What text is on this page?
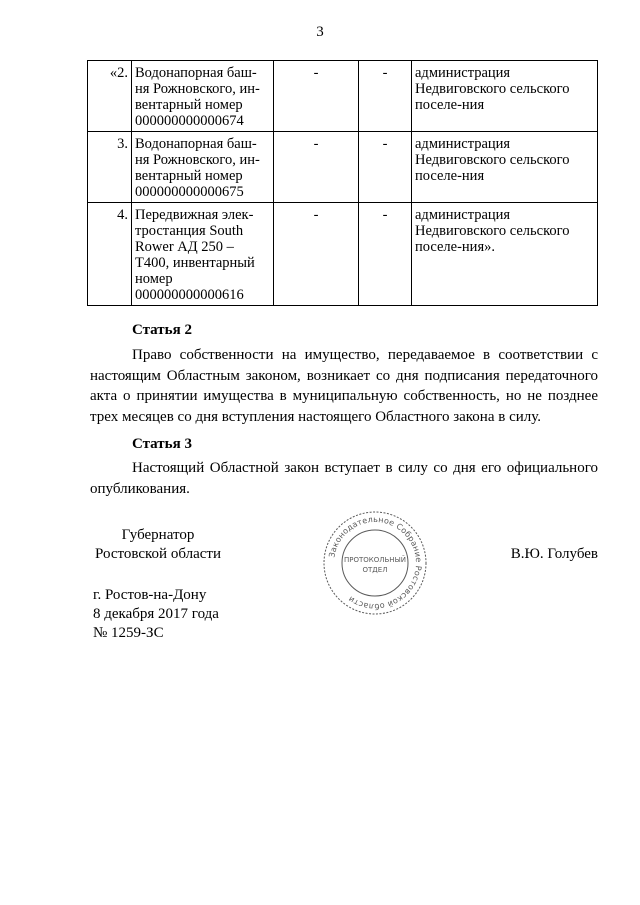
3
«2.	Водонапорная баш-ня Рожновского, ин-вентарный номер 000000000000674	-	-	администрация Недвиговского сельского поселе-ния
3.	Водонапорная баш-ня Рожновского, ин-вентарный номер 000000000000675	-	-	администрация Недвиговского сельского поселе-ния
4.	Передвижная элек-тростанция South Rower АД 250 – Т400, инвентарный номер 000000000000616	-	-	администрация Недвиговского сельского поселе-ния».
Статья 2

Право собственности на имущество, передаваемое в соответствии с настоящим Областным законом, возникает со дня подписания передаточного акта о принятии имущества в муниципальную собственность, но не позднее трех месяцев со дня вступления настоящего Областного закона в силу.

Статья 3

Настоящий Областной закон вступает в силу со дня его официального опубликования.

Губернатор
Ростовской области	В.Ю. Голубев
г. Ростов-на-Дону
8 декабря 2017 года
№ 1259-ЗС
Законодательное Собрание Ростовской области
ПРОТОКОЛЬНЫЙ
ОТДЕЛ
